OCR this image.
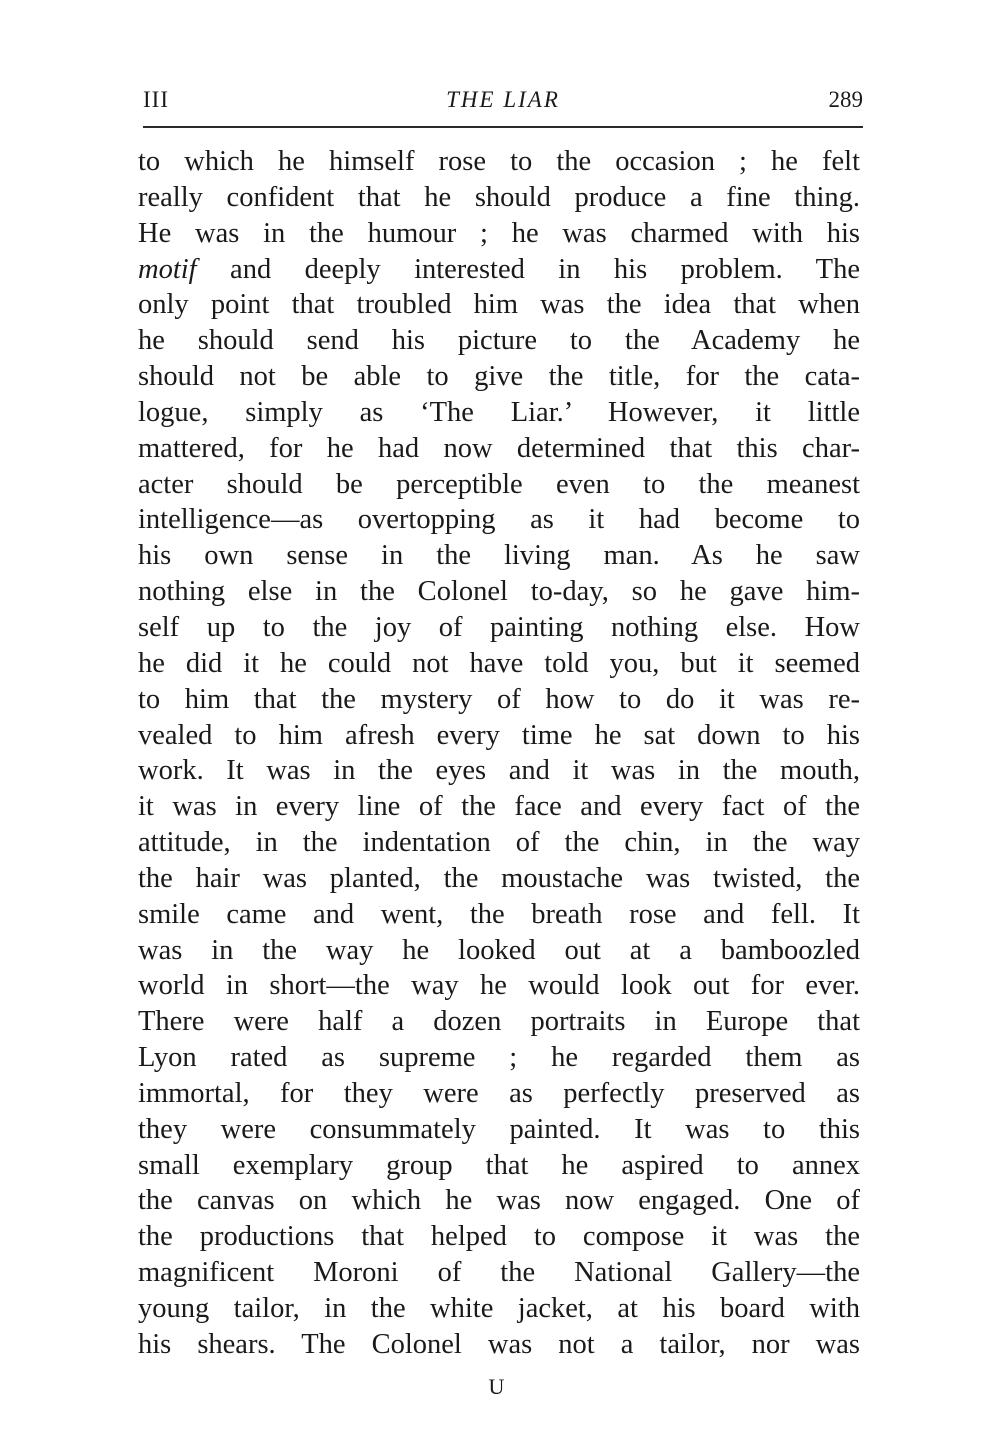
III	THE LIAR	289
to which he himself rose to the occasion ; he felt
really confident that he should produce a fine thing.
He was in the humour ; he was charmed with his
motif and deeply interested in his problem. The
only point that troubled him was the idea that when
he should send his picture to the Academy he
should not be able to give the title, for the cata-
logue, simply as ‘The Liar.’ However, it little
mattered, for he had now determined that this char-
acter should be perceptible even to the meanest
intelligence—as overtopping as it had become to
his own sense in the living man. As he saw
nothing else in the Colonel to-day, so he gave him-
self up to the joy of painting nothing else. How
he did it he could not have told you, but it seemed
to him that the mystery of how to do it was re-
vealed to him afresh every time he sat down to his
work. It was in the eyes and it was in the mouth,
it was in every line of the face and every fact of the
attitude, in the indentation of the chin, in the way
the hair was planted, the moustache was twisted, the
smile came and went, the breath rose and fell. It
was in the way he looked out at a bamboozled
world in short—the way he would look out for ever.
There were half a dozen portraits in Europe that
Lyon rated as supreme ; he regarded them as
immortal, for they were as perfectly preserved as
they were consummately painted. It was to this
small exemplary group that he aspired to annex
the canvas on which he was now engaged. One of
the productions that helped to compose it was the
magnificent Moroni of the National Gallery—the
young tailor, in the white jacket, at his board with
his shears. The Colonel was not a tailor, nor was
U
